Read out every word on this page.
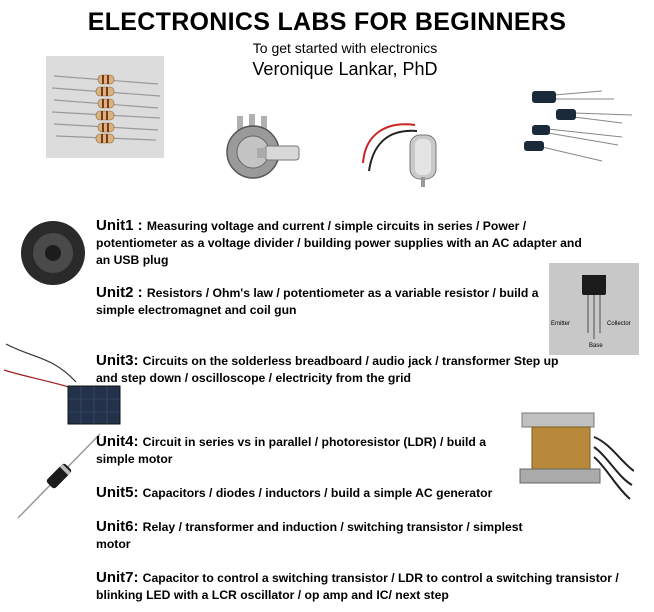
ELECTRONICS LABS FOR BEGINNERS
To get started with electronics
Veronique Lankar, PhD
Emitter	Collector
Base
Unit1 : Measuring voltage and current / simple circuits in series / Power / potentiometer as a voltage divider / building power supplies with an AC adapter and an USB plug
Unit2 : Resistors / Ohm's law / potentiometer as a variable resistor / build a simple electromagnet and coil gun
Unit3: Circuits on the solderless breadboard / audio jack / transformer Step up and step down / oscilloscope / electricity from the grid
Unit4: Circuit in series vs in parallel / photoresistor (LDR) / build a simple motor
Unit5: Capacitors / diodes / inductors / build a simple AC generator
Unit6: Relay / transformer and induction / switching transistor / simplest motor
Unit7: Capacitor to control a switching transistor / LDR to control a switching transistor / blinking LED with a LCR oscillator / op amp and IC/ next step
